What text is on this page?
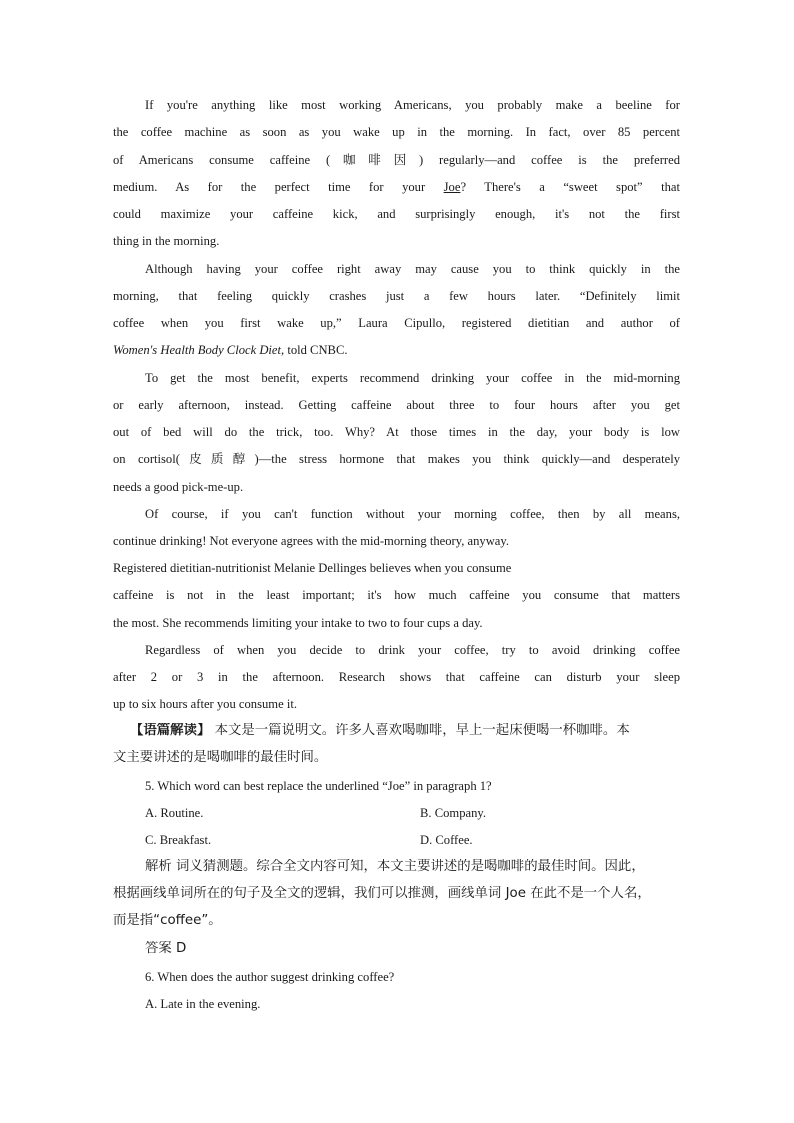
If you're anything like most working Americans, you probably make a beeline for
the coffee machine as soon as you wake up in the morning. In fact, over 85 percent
of Americans consume caffeine (咖啡因) regularly—and coffee is the preferred
medium. As for the perfect time for your Joe? There's a “sweet spot” that
could maximize your caffeine kick, and surprisingly enough, it's not the first
thing in the morning.
Although having your coffee right away may cause you to think quickly in the
morning, that feeling quickly crashes just a few hours later. “Definitely limit
coffee when you first wake up,” Laura Cipullo, registered dietitian and author of
Women's Health Body Clock Diet, told CNBC.
To get the most benefit, experts recommend drinking your coffee in the mid-morning
or early afternoon, instead. Getting caffeine about three to four hours after you get
out of bed will do the trick, too. Why? At those times in the day, your body is low
on cortisol(皮质醇)—the stress hormone that makes you think quickly—and desperately
needs a good pick-me-up.
Of course, if you can't function without your morning coffee, then by all means,
continue drinking! Not everyone agrees with the mid-morning theory, anyway.
Registered dietitian-nutritionist Melanie Dellinges believes when you consume
caffeine is not in the least important; it's how much caffeine you consume that matters
the most. She recommends limiting your intake to two to four cups a day.
Regardless of when you decide to drink your coffee, try to avoid drinking coffee
after 2 or 3 in the afternoon. Research shows that caffeine can disturb your sleep
up to six hours after you consume it.
【语篇解读】 本文是一篇说明文。许多人喜欢喝咖啡，早上一起床便喝一杯咖啡。本
文主要讲述的是喝咖啡的最佳时间。
5. Which word can best replace the underlined “Joe” in paragraph 1?
A. Routine.	B. Company.
C. Breakfast.	D. Coffee.
解析 词义猜测题。综合全文内容可知，本文主要讲述的是喝咖啡的最佳时间。因此，
根据画线单词所在的句子及全文的逻辑，我们可以推测，画线单词 Joe 在此不是一个人名，
而是指“coffee”。
答案 D
6. When does the author suggest drinking coffee?
A. Late in the evening.
